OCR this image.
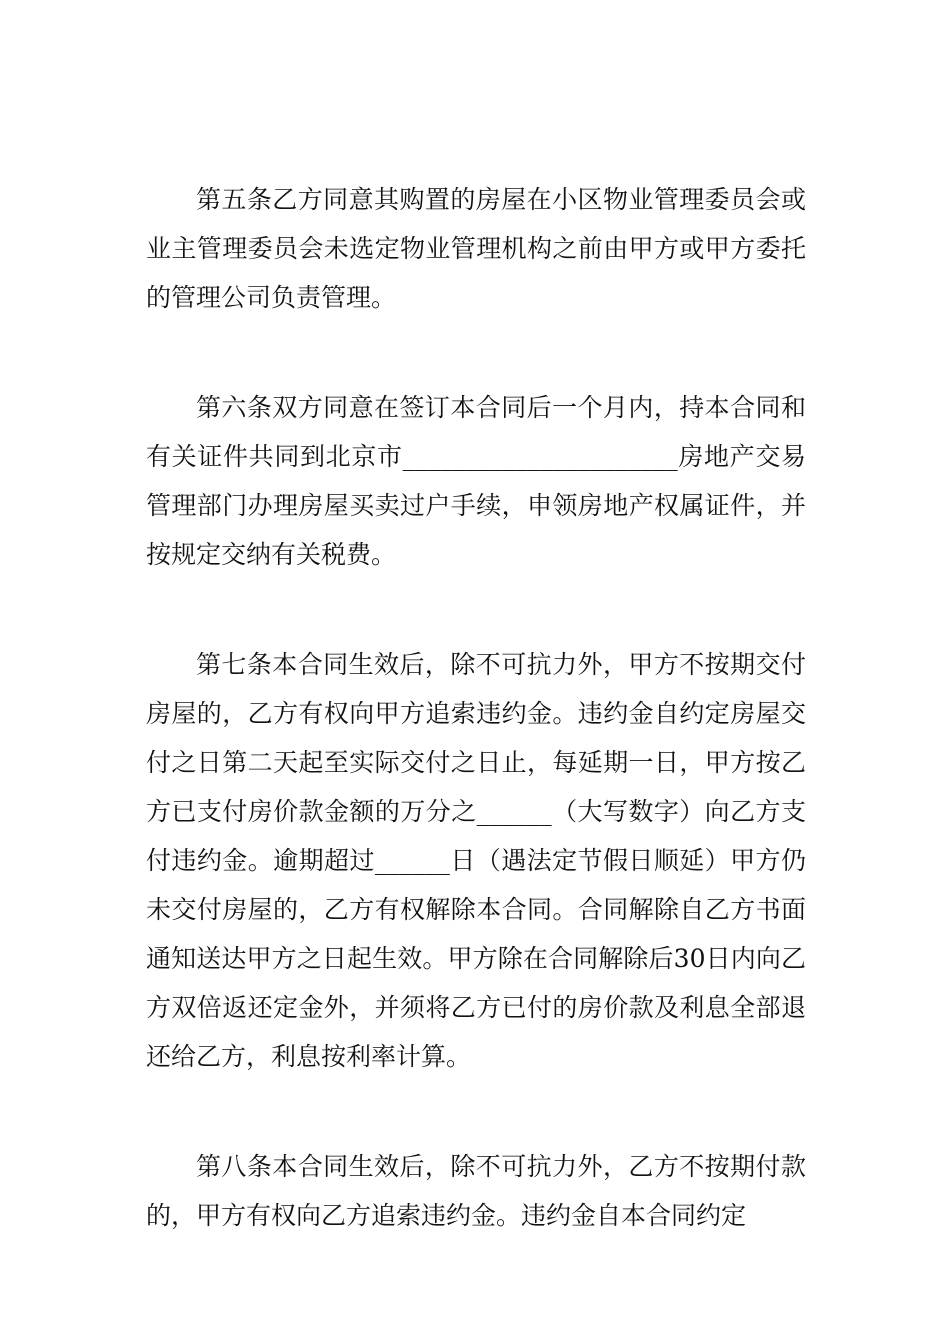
第五条乙方同意其购置的房屋在小区物业管理委员会或业主管理委员会未选定物业管理机构之前由甲方或甲方委托的管理公司负责管理。

第六条双方同意在签订本合同后一个月内，持本合同和有关证件共同到北京市______________________房地产交易管理部门办理房屋买卖过户手续，申领房地产权属证件，并按规定交纳有关税费。

第七条本合同生效后，除不可抗力外，甲方不按期交付房屋的，乙方有权向甲方追索违约金。违约金自约定房屋交付之日第二天起至实际交付之日止，每延期一日，甲方按乙方已支付房价款金额的万分之______（大写数字）向乙方支付违约金。逾期超过______日（遇法定节假日顺延）甲方仍未交付房屋的，乙方有权解除本合同。合同解除自乙方书面通知送达甲方之日起生效。甲方除在合同解除后30日内向乙方双倍返还定金外，并须将乙方已付的房价款及利息全部退还给乙方，利息按利率计算。

第八条本合同生效后，除不可抗力外，乙方不按期付款的，甲方有权向乙方追索违约金。违约金自本合同约定
